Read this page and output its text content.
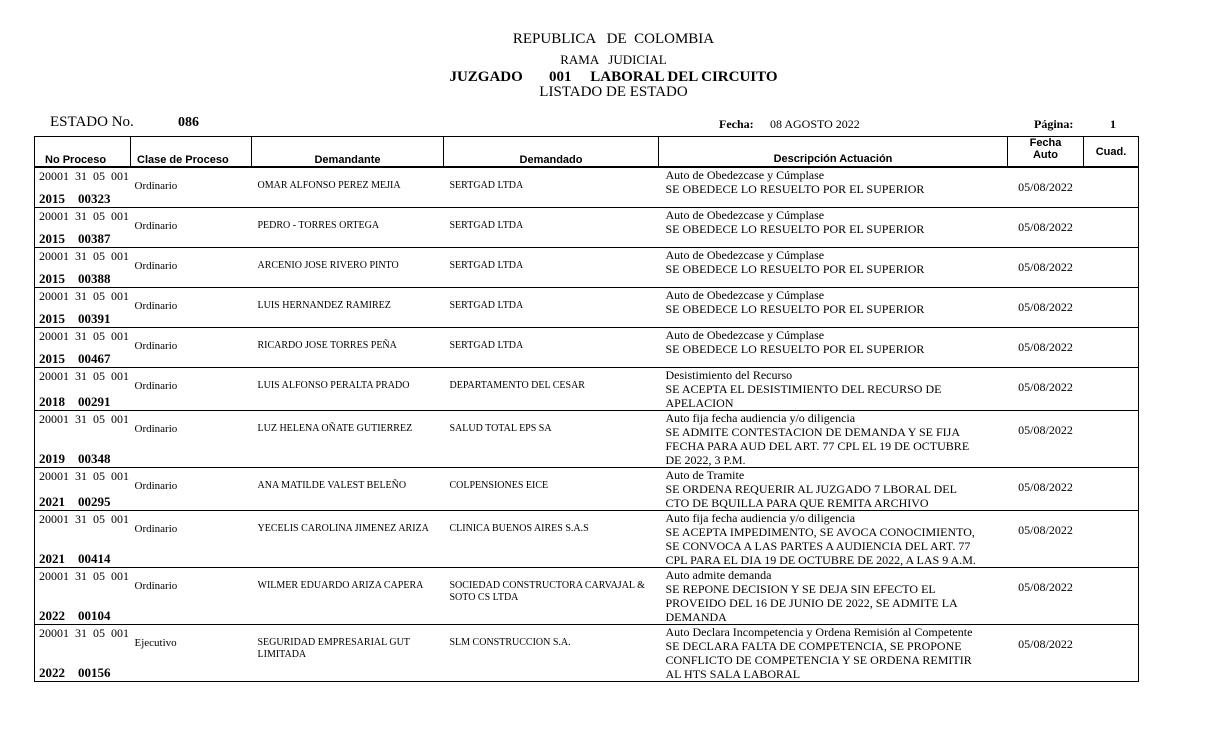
REPUBLICA   DE  COLOMBIA
RAMA   JUDICIAL
JUZGADO       001     LABORAL DEL CIRCUITO
LISTADO DE ESTADO
ESTADO No.	086	Fecha: 08 AGOSTO 2022	Página:	1
No Proceso	Clase de Proceso	Demandante	Demandado	Descripción Actuación	Fecha
Auto	Cuad.

20001  31  05  001
2015    00323	Ordinario	OMAR ALFONSO PEREZ MEJIA	SERTGAD LTDA	Auto de Obedezcase y Cúmplase
SE OBEDECE LO RESUELTO POR EL SUPERIOR	05/08/2022	

20001  31  05  001
2015    00387	Ordinario	PEDRO - TORRES ORTEGA	SERTGAD LTDA	Auto de Obedezcase y Cúmplase
SE OBEDECE LO RESUELTO POR EL SUPERIOR	05/08/2022	

20001  31  05  001
2015    00388	Ordinario	ARCENIO JOSE RIVERO PINTO	SERTGAD LTDA	Auto de Obedezcase y Cúmplase
SE OBEDECE LO RESUELTO POR EL SUPERIOR	05/08/2022	

20001  31  05  001
2015    00391	Ordinario	LUIS HERNANDEZ RAMIREZ	SERTGAD LTDA	Auto de Obedezcase y Cúmplase
SE OBEDECE LO RESUELTO POR EL SUPERIOR	05/08/2022	

20001  31  05  001
2015    00467	Ordinario	RICARDO JOSE TORRES PEÑA	SERTGAD LTDA	Auto de Obedezcase y Cúmplase
SE OBEDECE LO RESUELTO POR EL SUPERIOR	05/08/2022	

20001  31  05  001
2018    00291	Ordinario	LUIS ALFONSO PERALTA PRADO	DEPARTAMENTO DEL CESAR	Desistimiento del Recurso
SE ACEPTA EL DESISTIMIENTO DEL RECURSO DE APELACION	05/08/2022	

20001  31  05  001
2019    00348	Ordinario	LUZ HELENA OÑATE GUTIERREZ	SALUD TOTAL EPS SA	Auto fija fecha audiencia y/o diligencia
SE ADMITE CONTESTACION DE DEMANDA Y SE FIJA FECHA PARA AUD DEL ART. 77 CPL EL 19 DE OCTUBRE DE 2022, 3 P.M.	05/08/2022	

20001  31  05  001
2021    00295	Ordinario	ANA MATILDE VALEST BELEÑO	COLPENSIONES EICE	Auto de Tramite
SE ORDENA REQUERIR AL JUZGADO 7 LBORAL DEL CTO DE BQUILLA PARA QUE REMITA ARCHIVO	05/08/2022	

20001  31  05  001
2021    00414	Ordinario	YECELIS CAROLINA JIMENEZ ARIZA	CLINICA BUENOS AIRES S.A.S	Auto fija fecha audiencia y/o diligencia
SE ACEPTA IMPEDIMENTO, SE AVOCA CONOCIMIENTO, SE CONVOCA A LAS PARTES A AUDIENCIA DEL ART. 77 CPL PARA EL DIA 19 DE OCTUBRE DE 2022, A LAS 9 A.M.	05/08/2022	

20001  31  05  001
2022    00104	Ordinario	WILMER EDUARDO ARIZA CAPERA	SOCIEDAD CONSTRUCTORA CARVAJAL & SOTO CS LTDA	Auto admite demanda
SE REPONE DECISION Y SE DEJA SIN EFECTO EL PROVEIDO DEL 16 DE JUNIO DE 2022, SE ADMITE LA DEMANDA	05/08/2022	

20001  31  05  001
2022    00156	Ejecutivo	SEGURIDAD EMPRESARIAL GUT LIMITADA	SLM CONSTRUCCION S.A.	Auto Declara Incompetencia y Ordena Remisión al Competente
SE DECLARA FALTA DE COMPETENCIA, SE PROPONE CONFLICTO DE COMPETENCIA Y SE ORDENA REMITIR AL HTS SALA LABORAL	05/08/2022	
